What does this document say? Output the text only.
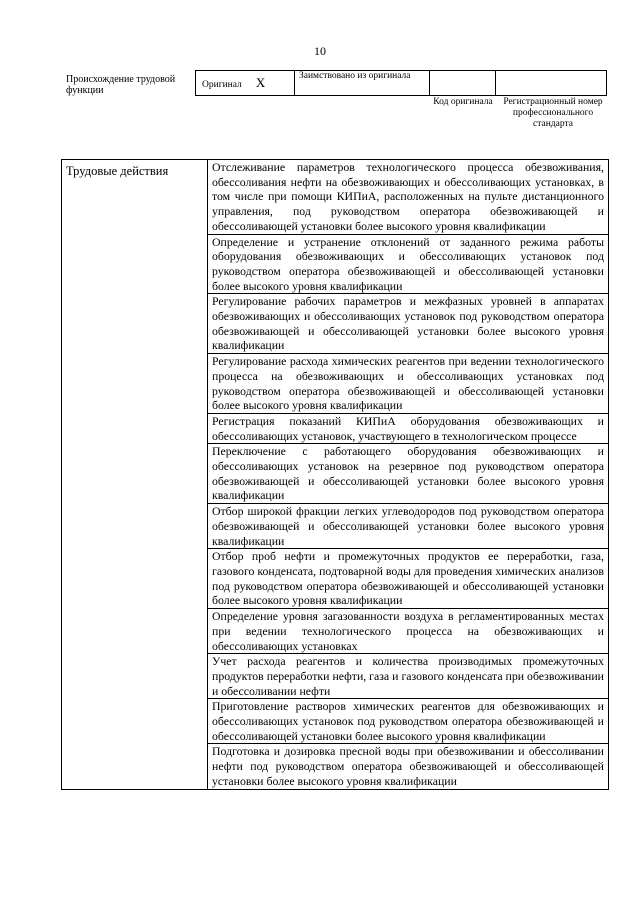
10
Происхождение трудовой функции	Оригинал X	Заимствовано из оригинала		
Код оригинала	Регистрационный номер профессионального стандарта
Трудовые действия	Отслеживание параметров технологического процесса обезвоживания, обессоливания нефти на обезвоживающих и обессоливающих установках, в том числе при помощи КИПиА, расположенных на пульте дистанционного управления, под руководством оператора обезвоживающей и обессоливающей установки более высокого уровня квалификации
Определение и устранение отклонений от заданного режима работы оборудования обезвоживающих и обессоливающих установок под руководством оператора обезвоживающей и обессоливающей установки более высокого уровня квалификации
Регулирование рабочих параметров и межфазных уровней в аппаратах обезвоживающих и обессоливающих установок под руководством оператора обезвоживающей и обессоливающей установки более высокого уровня квалификации
Регулирование расхода химических реагентов при ведении технологического процесса на обезвоживающих и обессоливающих установках под руководством оператора обезвоживающей и обессоливающей установки более высокого уровня квалификации
Регистрация показаний КИПиА оборудования обезвоживающих и обессоливающих установок, участвующего в технологическом процессе
Переключение с работающего оборудования обезвоживающих и обессоливающих установок на резервное под руководством оператора обезвоживающей и обессоливающей установки более высокого уровня квалификации
Отбор широкой фракции легких углеводородов под руководством оператора обезвоживающей и обессоливающей установки более высокого уровня квалификации
Отбор проб нефти и промежуточных продуктов ее переработки, газа, газового конденсата, подтоварной воды для проведения химических анализов под руководством оператора обезвоживающей и обессоливающей установки более высокого уровня квалификации
Определение уровня загазованности воздуха в регламентированных местах при ведении технологического процесса на обезвоживающих и обессоливающих установках
Учет расхода реагентов и количества производимых промежуточных продуктов переработки нефти, газа и газового конденсата при обезвоживании и обессоливании нефти
Приготовление растворов химических реагентов для обезвоживающих и обессоливающих установок под руководством оператора обезвоживающей и обессоливающей установки более высокого уровня квалификации
Подготовка и дозировка пресной воды при обезвоживании и обессоливании нефти под руководством оператора обезвоживающей и обессоливающей установки более высокого уровня квалификации
